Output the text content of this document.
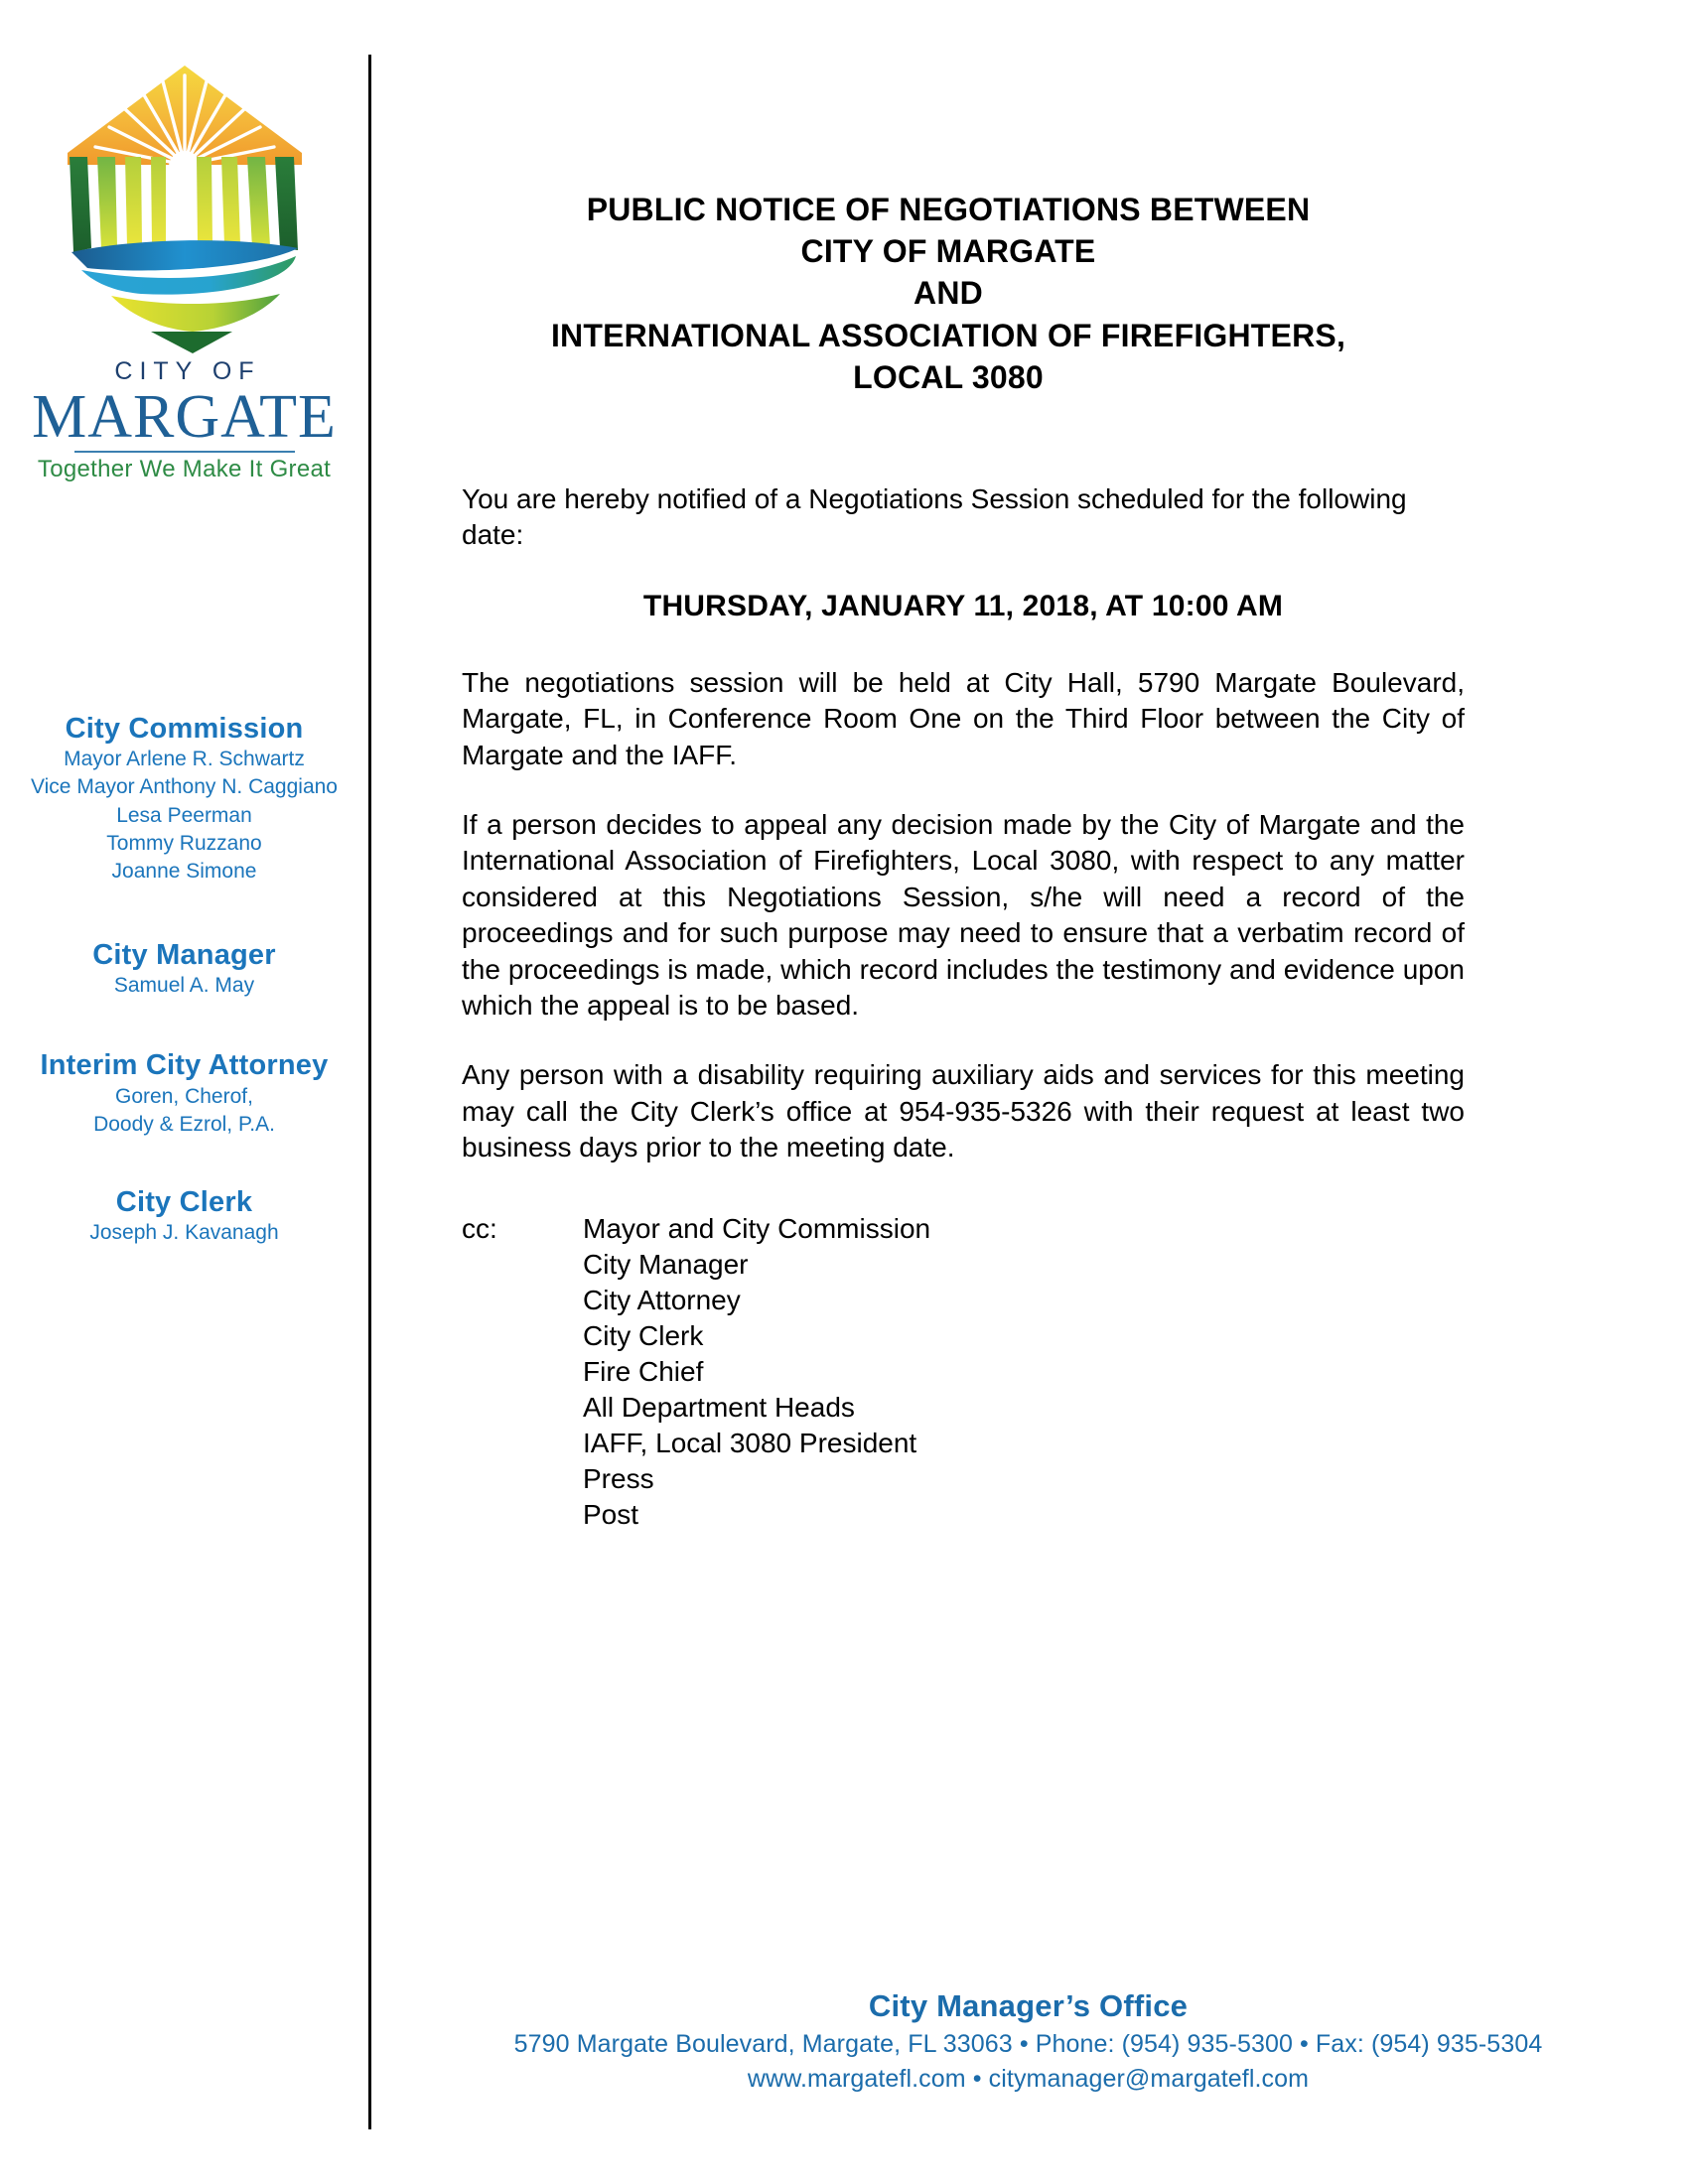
CITY OF
MARGATE
Together We Make It Great
City Commission
Mayor Arlene R. Schwartz
Vice Mayor Anthony N. Caggiano
Lesa Peerman
Tommy Ruzzano
Joanne Simone
City Manager
Samuel A. May
Interim City Attorney
Goren, Cherof,
Doody & Ezrol, P.A.
City Clerk
Joseph J. Kavanagh
PUBLIC NOTICE OF NEGOTIATIONS BETWEEN
CITY OF MARGATE
AND
INTERNATIONAL ASSOCIATION OF FIREFIGHTERS,
LOCAL 3080

You are hereby notified of a Negotiations Session scheduled for the following date:

THURSDAY, JANUARY 11, 2018, AT 10:00 AM

The negotiations session will be held at City Hall, 5790 Margate Boulevard, Margate, FL, in Conference Room One on the Third Floor between the City of Margate and the IAFF.

If a person decides to appeal any decision made by the City of Margate and the International Association of Firefighters, Local 3080, with respect to any matter considered at this Negotiations Session, s/he will need a record of the proceedings and for such purpose may need to ensure that a verbatim record of the proceedings is made, which record includes the testimony and evidence upon which the appeal is to be based.

Any person with a disability requiring auxiliary aids and services for this meeting may call the City Clerk’s office at 954-935-5326 with their request at least two business days prior to the meeting date.

cc:	Mayor and City Commission
City Manager
City Attorney
City Clerk
Fire Chief
All Department Heads
IAFF, Local 3080 President
Press
Post
City Manager’s Office
5790 Margate Boulevard, Margate, FL 33063 • Phone: (954) 935-5300 • Fax: (954) 935-5304
www.margatefl.com • citymanager@margatefl.com
